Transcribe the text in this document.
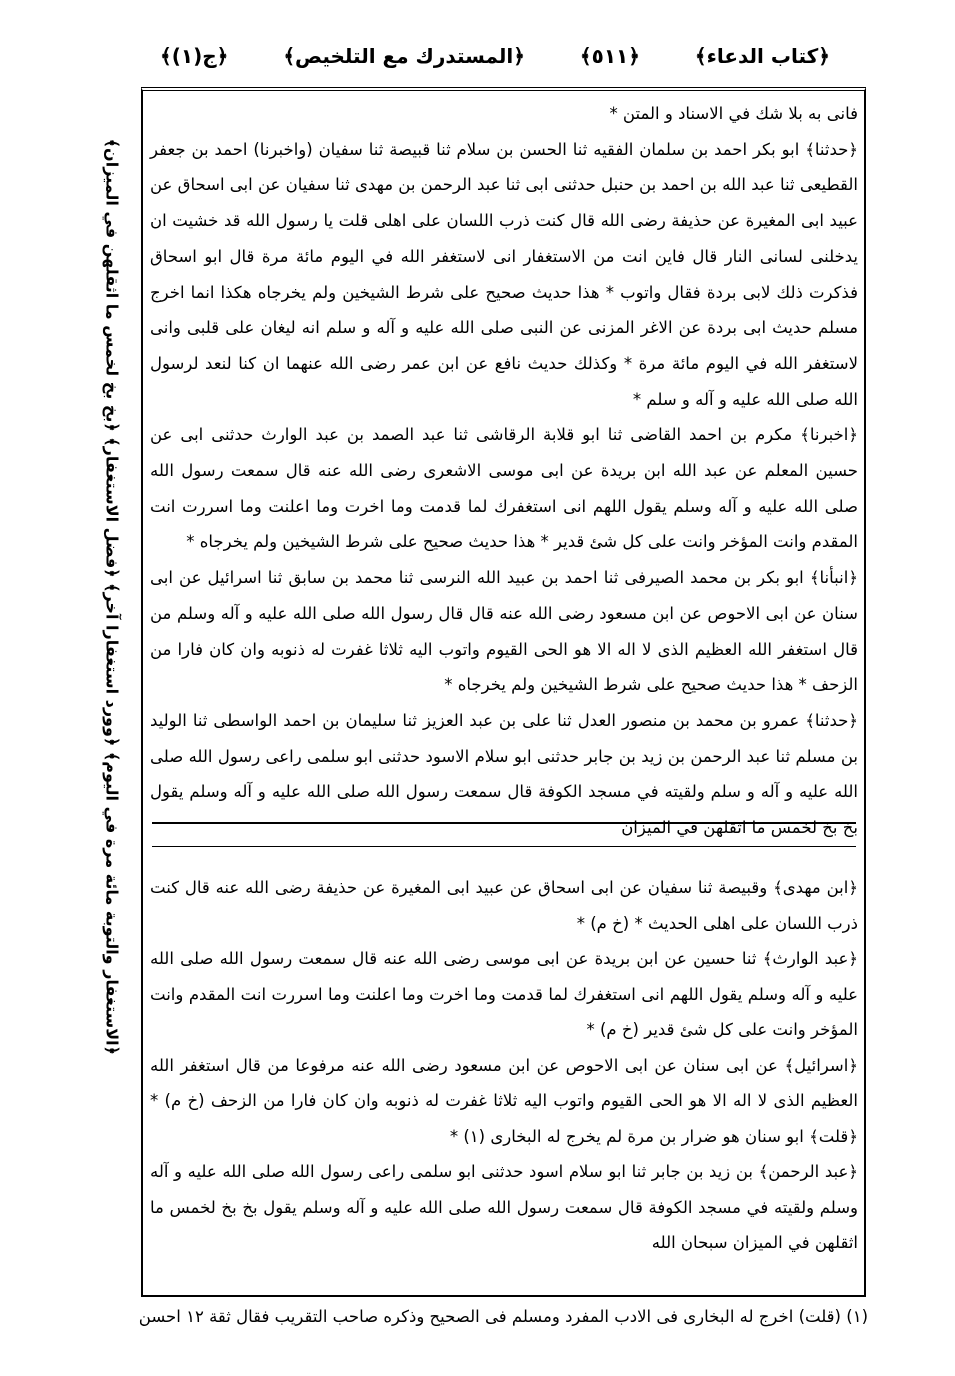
﴿ج(١)﴾	﴿المستدرك مع التلخيص﴾	﴿٥١١﴾	﴿كتاب الدعاء﴾
﴿الاستغفار والتوبة مائة مرة في اليوم﴾ ﴿وورد استغفارا آخر﴾ ﴿فضل الاستغفار﴾ ﴿بخ بخ لخمس ما اثقلهن في الميزان﴾

فانى به بلا شك في الاسناد و المتن *

﴿حدثنا﴾ ابو بكر احمد بن سلمان الفقيه ثنا الحسن بن سلام ثنا قبيصة ثنا سفيان (واخبرنا) احمد بن جعفر القطيعى ثنا عبد الله بن احمد بن حنبل حدثنى ابى ثنا عبد الرحمن بن مهدى ثنا سفيان عن ابى اسحاق عن عبيد ابى المغيرة عن حذيفة رضى الله قال كنت ذرب اللسان على اهلى قلت يا رسول الله قد خشيت ان يدخلنى لسانى النار قال فاين انت من الاستغفار انى لاستغفر الله في اليوم مائة مرة قال ابو اسحاق فذكرت ذلك لابى بردة فقال واتوب * هذا حديث صحيح على شرط الشيخين ولم يخرجاه هكذا انما اخرج مسلم حديث ابى بردة عن الاغر المزنى عن النبى صلى الله عليه و آله و سلم انه ليغان على قلبى وانى لاستغفر الله في اليوم مائة مرة * وكذلك حديث نافع عن ابن عمر رضى الله عنهما ان كنا لنعد لرسول الله صلى الله عليه و آله و سلم *

﴿اخبرنا﴾ مكرم بن احمد القاضى ثنا ابو قلابة الرقاشى ثنا عبد الصمد بن عبد الوارث حدثنى ابى عن حسين المعلم عن عبد الله ابن بريدة عن ابى موسى الاشعرى رضى الله عنه قال سمعت رسول الله صلى الله عليه و آله وسلم يقول اللهم انى استغفرك لما قدمت وما اخرت وما اعلنت وما اسررت انت المقدم وانت المؤخر وانت على كل شئ قدير * هذا حديث صحيح على شرط الشيخين ولم يخرجاه *

﴿انبأنا﴾ ابو بكر بن محمد الصيرفى ثنا احمد بن عبيد الله النرسى ثنا محمد بن سابق ثنا اسرائيل عن ابى سنان عن ابى الاحوص عن ابن مسعود رضى الله عنه قال قال رسول الله صلى الله عليه و آله وسلم من قال استغفر الله العظيم الذى لا اله الا هو الحى القيوم واتوب اليه ثلاثا غفرت له ذنوبه وان كان فارا من الزحف * هذا حديث صحيح على شرط الشيخين ولم يخرجاه *

﴿حدثنا﴾ عمرو بن محمد بن منصور العدل ثنا على بن عبد العزيز ثنا سليمان بن احمد الواسطى ثنا الوليد بن مسلم ثنا عبد الرحمن بن زيد بن جابر حدثنى ابو سلام الاسود حدثنى ابو سلمى راعى رسول الله صلى الله عليه و آله و سلم ولقيته في مسجد الكوفة قال سمعت رسول الله صلى الله عليه و آله وسلم يقول بخ بخ لخمس ما اثقلهن في الميزان

﴿ابن مهدى﴾ وقبيصة ثنا سفيان عن ابى اسحاق عن عبيد ابى المغيرة عن حذيفة رضى الله عنه قال كنت ذرب اللسان على اهلى الحديث * (خ م) *

﴿عبد الوارث﴾ ثنا حسين عن ابن بريدة عن ابى موسى رضى الله عنه قال سمعت رسول الله صلى الله عليه و آله وسلم يقول اللهم انى استغفرك لما قدمت وما اخرت وما اعلنت وما اسررت انت المقدم وانت المؤخر وانت على كل شئ قدير (خ م) *

﴿اسرائيل﴾ عن ابى سنان عن ابى الاحوص عن ابن مسعود رضى الله عنه مرفوعا من قال استغفر الله العظيم الذى لا اله الا هو الحى القيوم واتوب اليه ثلاثا غفرت له ذنوبه وان كان فارا من الزحف (خ م) * ﴿قلت﴾ ابو سنان هو ضرار بن مرة لم يخرج له البخارى (١) *

﴿عبد الرحمن﴾ بن زيد بن جابر ثنا ابو سلام اسود حدثنى ابو سلمى راعى رسول الله صلى الله عليه و آله وسلم ولقيته في مسجد الكوفة قال سمعت رسول الله صلى الله عليه و آله وسلم يقول بخ بخ لخمس ما اثقلهن في الميزان سبحان الله

(١) (قلت) اخرج له البخارى فى الادب المفرد ومسلم فى الصحيح وذكره صاحب التقريب فقال ثقة ١٢ احسن
